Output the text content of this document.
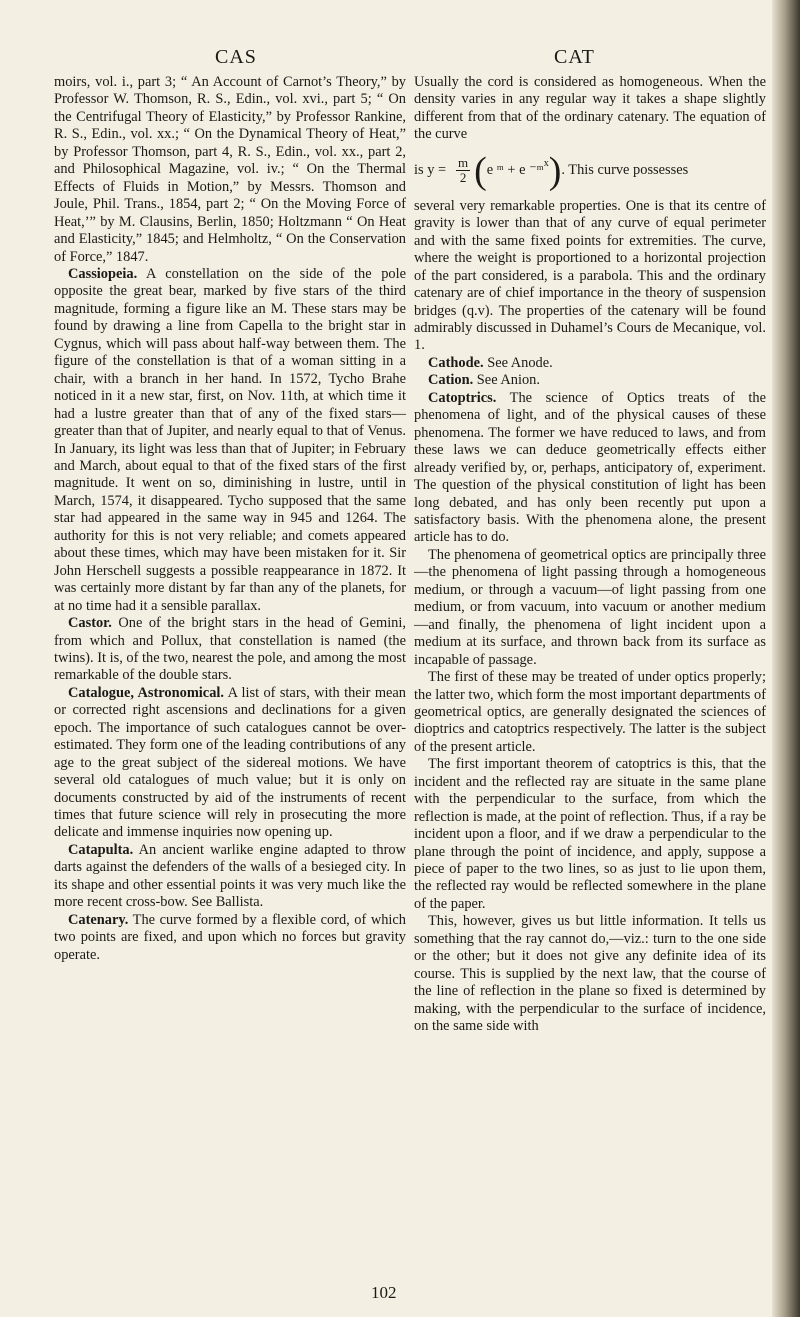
CAS	CAT

moirs, vol. i., part 3; “ An Account of Carnot’s Theory,” by Professor W. Thomson, R. S., Edin., vol. xvi., part 5; “ On the Centrifugal Theory of Elasticity,” by Professor Rankine, R. S., Edin., vol. xx.; “ On the Dynamical Theory of Heat,” by Professor Thomson, part 4, R. S., Edin., vol. xx., part 2, and Philosophical Magazine, vol. iv.; “ On the Thermal Effects of Fluids in Motion,” by Messrs. Thomson and Joule, Phil. Trans., 1854, part 2; “ On the Moving Force of Heat,’” by M. Clausins, Berlin, 1850; Holtzmann “ On Heat and Elasticity,” 1845; and Helmholtz, “ On the Conservation of Force,” 1847.

Cassiopeia. A constellation on the side of the pole opposite the great bear, marked by five stars of the third magnitude, forming a figure like an M. These stars may be found by drawing a line from Capella to the bright star in Cygnus, which will pass about half-way between them. The figure of the constellation is that of a woman sitting in a chair, with a branch in her hand. In 1572, Tycho Brahe noticed in it a new star, first, on Nov. 11th, at which time it had a lustre greater than that of any of the fixed stars—greater than that of Jupiter, and nearly equal to that of Venus. In January, its light was less than that of Jupiter; in February and March, about equal to that of the fixed stars of the first magnitude. It went on so, diminishing in lustre, until in March, 1574, it disappeared. Tycho supposed that the same star had appeared in the same way in 945 and 1264. The authority for this is not very reliable; and comets appeared about these times, which may have been mistaken for it. Sir John Herschell suggests a possible reappearance in 1872. It was certainly more distant by far than any of the planets, for at no time had it a sensible parallax.

Castor. One of the bright stars in the head of Gemini, from which and Pollux, that constellation is named (the twins). It is, of the two, nearest the pole, and among the most remarkable of the double stars.

Catalogue, Astronomical. A list of stars, with their mean or corrected right ascensions and declinations for a given epoch. The importance of such catalogues cannot be over-estimated. They form one of the leading contributions of any age to the great subject of the sidereal motions. We have several old catalogues of much value; but it is only on documents constructed by aid of the instruments of recent times that future science will rely in prosecuting the more delicate and immense inquiries now opening up.

Catapulta. An ancient warlike engine adapted to throw darts against the defenders of the walls of a besieged city. In its shape and other essential points it was very much like the more recent cross-bow. See Ballista.

Catenary. The curve formed by a flexible cord, of which two points are fixed, and upon which no forces but gravity operate.

Usually the cord is considered as homogeneous. When the density varies in any regular way it takes a shape slightly different from that of the ordinary catenary. The equation of the curve

is $y = \frac{m}{2}$ ( e ᵐ + e ⁻ᵐ x ) . This curve possesses

several very remarkable properties. One is that its centre of gravity is lower than that of any curve of equal perimeter and with the same fixed points for extremities. The curve, where the weight is proportioned to a horizontal projection of the part considered, is a parabola. This and the ordinary catenary are of chief importance in the theory of suspension bridges (q.v). The properties of the catenary will be found admirably discussed in Duhamel’s Cours de Mecanique, vol. 1.

Cathode. See Anode.

Cation. See Anion.

Catoptrics. The science of Optics treats of the phenomena of light, and of the physical causes of these phenomena. The former we have reduced to laws, and from these laws we can deduce geometrically effects either already verified by, or, perhaps, anticipatory of, experiment. The question of the physical constitution of light has been long debated, and has only been recently put upon a satisfactory basis. With the phenomena alone, the present article has to do.

The phenomena of geometrical optics are principally three—the phenomena of light passing through a homogeneous medium, or through a vacuum—of light passing from one medium, or from vacuum, into vacuum or another medium—and finally, the phenomena of light incident upon a medium at its surface, and thrown back from its surface as incapable of passage.

The first of these may be treated of under optics properly; the latter two, which form the most important departments of geometrical optics, are generally designated the sciences of dioptrics and catoptrics respectively. The latter is the subject of the present article.

The first important theorem of catoptrics is this, that the incident and the reflected ray are situate in the same plane with the perpendicular to the surface, from which the reflection is made, at the point of reflection. Thus, if a ray be incident upon a floor, and if we draw a perpendicular to the plane through the point of incidence, and apply, suppose a piece of paper to the two lines, so as just to lie upon them, the reflected ray would be reflected somewhere in the plane of the paper.

This, however, gives us but little information. It tells us something that the ray cannot do,—viz.: turn to the one side or the other; but it does not give any definite idea of its course. This is supplied by the next law, that the course of the line of reflection in the plane so fixed is determined by making, with the perpendicular to the surface of incidence, on the same side with

102
